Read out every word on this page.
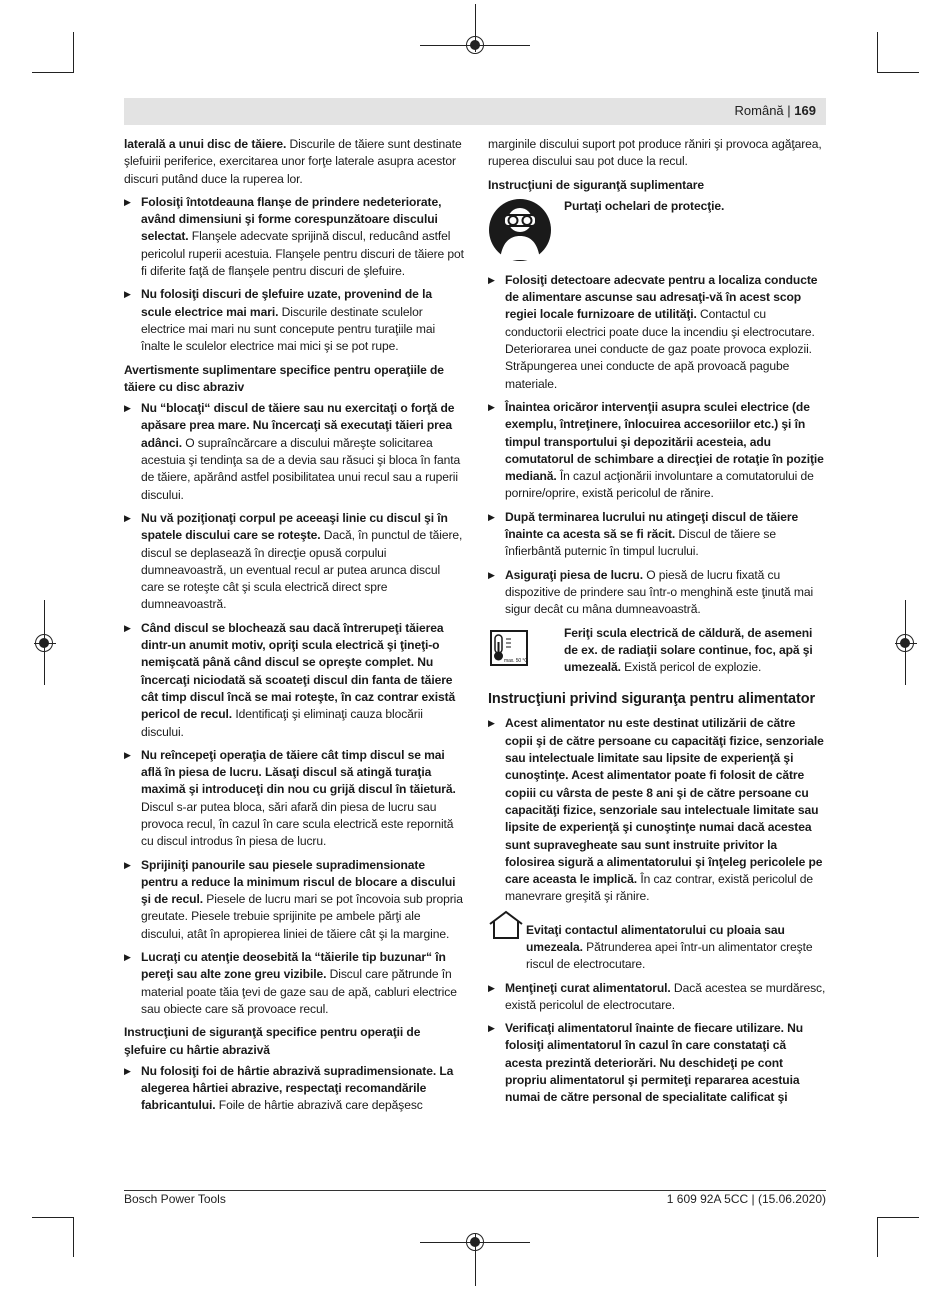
Română | 169

laterală a unui disc de tăiere. Discurile de tăiere sunt destinate şlefuirii periferice, exercitarea unor forţe laterale asupra acestor discuri putând duce la ruperea lor.

▶ Folosiţi întotdeauna flanşe de prindere nedeteriorate, având dimensiuni şi forme corespunzătoare discului selectat. Flanşele adecvate sprijină discul, reducând astfel pericolul ruperii acestuia. Flanşele pentru discuri de tăiere pot fi diferite faţă de flanşele pentru discuri de şlefuire.

▶ Nu folosiţi discuri de şlefuire uzate, provenind de la scule electrice mai mari. Discurile destinate sculelor electrice mai mari nu sunt concepute pentru turaţiile mai înalte le sculelor electrice mai mici şi se pot rupe.

Avertismente suplimentare specifice pentru operaţiile de tăiere cu disc abraziv

▶ Nu “blocaţi“ discul de tăiere sau nu exercitaţi o forţă de apăsare prea mare. Nu încercaţi să executaţi tăieri prea adânci. O supraîncărcare a discului măreşte solicitarea acestuia şi tendinţa sa de a devia sau răsuci şi bloca în fanta de tăiere, apărând astfel posibilitatea unui recul sau a ruperii discului.

▶ Nu vă poziţionaţi corpul pe aceeaşi linie cu discul şi în spatele discului care se roteşte. Dacă, în punctul de tăiere, discul se deplasează în direcţie opusă corpului dumneavoastră, un eventual recul ar putea arunca discul care se roteşte cât şi scula electrică direct spre dumneavoastră.

▶ Când discul se blochează sau dacă întrerupeţi tăierea dintr-un anumit motiv, opriţi scula electrică şi ţineţi-o nemişcată până când discul se opreşte complet. Nu încercaţi niciodată să scoateţi discul din fanta de tăiere cât timp discul încă se mai roteşte, în caz contrar există pericol de recul. Identificaţi şi eliminaţi cauza blocării discului.

▶ Nu reîncepeţi operaţia de tăiere cât timp discul se mai află în piesa de lucru. Lăsaţi discul să atingă turaţia maximă şi introduceţi din nou cu grijă discul în tăietură. Discul s-ar putea bloca, sări afară din piesa de lucru sau provoca recul, în cazul în care scula electrică este repornită cu discul introdus în piesa de lucru.

▶ Sprijiniţi panourile sau piesele supradimensionate pentru a reduce la minimum riscul de blocare a discului şi de recul. Piesele de lucru mari se pot încovoia sub propria greutate. Piesele trebuie sprijinite pe ambele părţi ale discului, atât în apropierea liniei de tăiere cât şi la margine.

▶ Lucraţi cu atenţie deosebită la “tăierile tip buzunar“ în pereţi sau alte zone greu vizibile. Discul care pătrunde în material poate tăia ţevi de gaze sau de apă, cabluri electrice sau obiecte care să provoace recul.

Instrucţiuni de siguranţă specifice pentru operaţii de şlefuire cu hârtie abrazivă

▶ Nu folosiţi foi de hârtie abrazivă supradimensionate. La alegerea hârtiei abrazive, respectaţi recomandările fabricantului. Foile de hârtie abrazivă care depăşesc

marginile discului suport pot produce răniri şi provoca agăţarea, ruperea discului sau pot duce la recul.

Instrucţiuni de siguranţă suplimentare

Purtaţi ochelari de protecţie.

▶ Folosiţi detectoare adecvate pentru a localiza conducte de alimentare ascunse sau adresaţi-vă în acest scop regiei locale furnizoare de utilităţi. Contactul cu conductorii electrici poate duce la incendiu şi electrocutare. Deteriorarea unei conducte de gaz poate provoca explozii. Străpungerea unei conducte de apă provoacă pagube materiale.

▶ Înaintea oricăror intervenţii asupra sculei electrice (de exemplu, întreţinere, înlocuirea accesoriilor etc.) şi în timpul transportului şi depozitării acesteia, adu comutatorul de schimbare a direcţiei de rotaţie în poziţie mediană. În cazul acţionării involuntare a comutatorului de pornire/oprire, există pericolul de rănire.

▶ După terminarea lucrului nu atingeţi discul de tăiere înainte ca acesta să se fi răcit. Discul de tăiere se înfierbântă puternic în timpul lucrului.

▶ Asiguraţi piesa de lucru. O piesă de lucru fixată cu dispozitive de prindere sau într-o menghină este ţinută mai sigur decât cu mâna dumneavoastră.

max. 50 °C

Feriţi scula electrică de căldură, de asemeni de ex. de radiaţii solare continue, foc, apă şi umezeală. Există pericol de explozie.

Instrucţiuni privind siguranţa pentru alimentator

▶ Acest alimentator nu este destinat utilizării de către copii şi de către persoane cu capacităţi fizice, senzoriale sau intelectuale limitate sau lipsite de experienţă şi cunoştinţe. Acest alimentator poate fi folosit de către copiii cu vârsta de peste 8 ani şi de către persoane cu capacităţi fizice, senzoriale sau intelectuale limitate sau lipsite de experienţă şi cunoştinţe numai dacă acestea sunt supravegheate sau sunt instruite privitor la folosirea sigură a alimentatorului şi înţeleg pericolele pe care aceasta le implică. În caz contrar, există pericolul de manevrare greşită şi rănire.

Evitaţi contactul alimentatorului cu ploaia sau umezeala. Pătrunderea apei într-un alimentator creşte riscul de electrocutare.

▶ Menţineţi curat alimentatorul. Dacă acestea se murdăresc, există pericolul de electrocutare.

▶ Verificaţi alimentatorul înainte de fiecare utilizare. Nu folosiţi alimentatorul în cazul în care constataţi că acesta prezintă deteriorări. Nu deschideţi pe cont propriu alimentatorul şi permiteţi repararea acestuia numai de către personal de specialitate calificat şi

Bosch Power Tools	1 609 92A 5CC | (15.06.2020)
